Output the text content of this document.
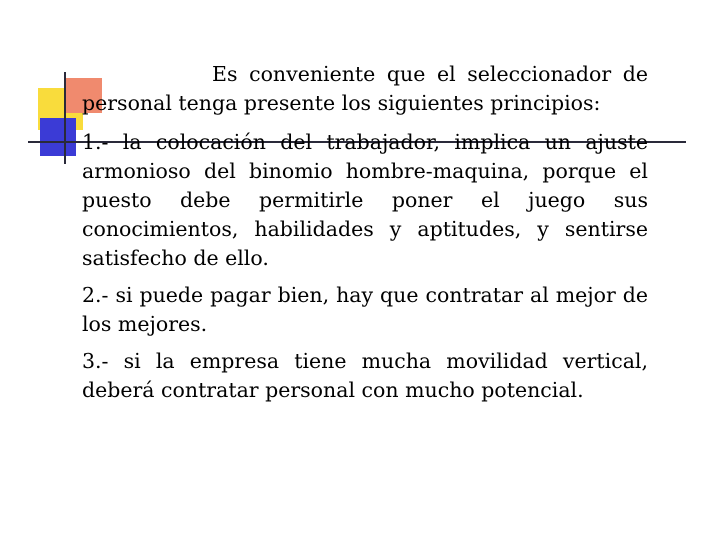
Es conveniente que el seleccionador de personal tenga presente los siguientes principios:

1.- la colocación del trabajador, implica un ajuste armonioso del binomio hombre-maquina, porque el puesto debe permitirle poner el juego sus conocimientos, habilidades y aptitudes, y sentirse satisfecho de ello.

2.- si puede pagar bien, hay que contratar al mejor de los mejores.

3.- si la empresa tiene mucha movilidad vertical, deberá contratar personal con mucho potencial.
